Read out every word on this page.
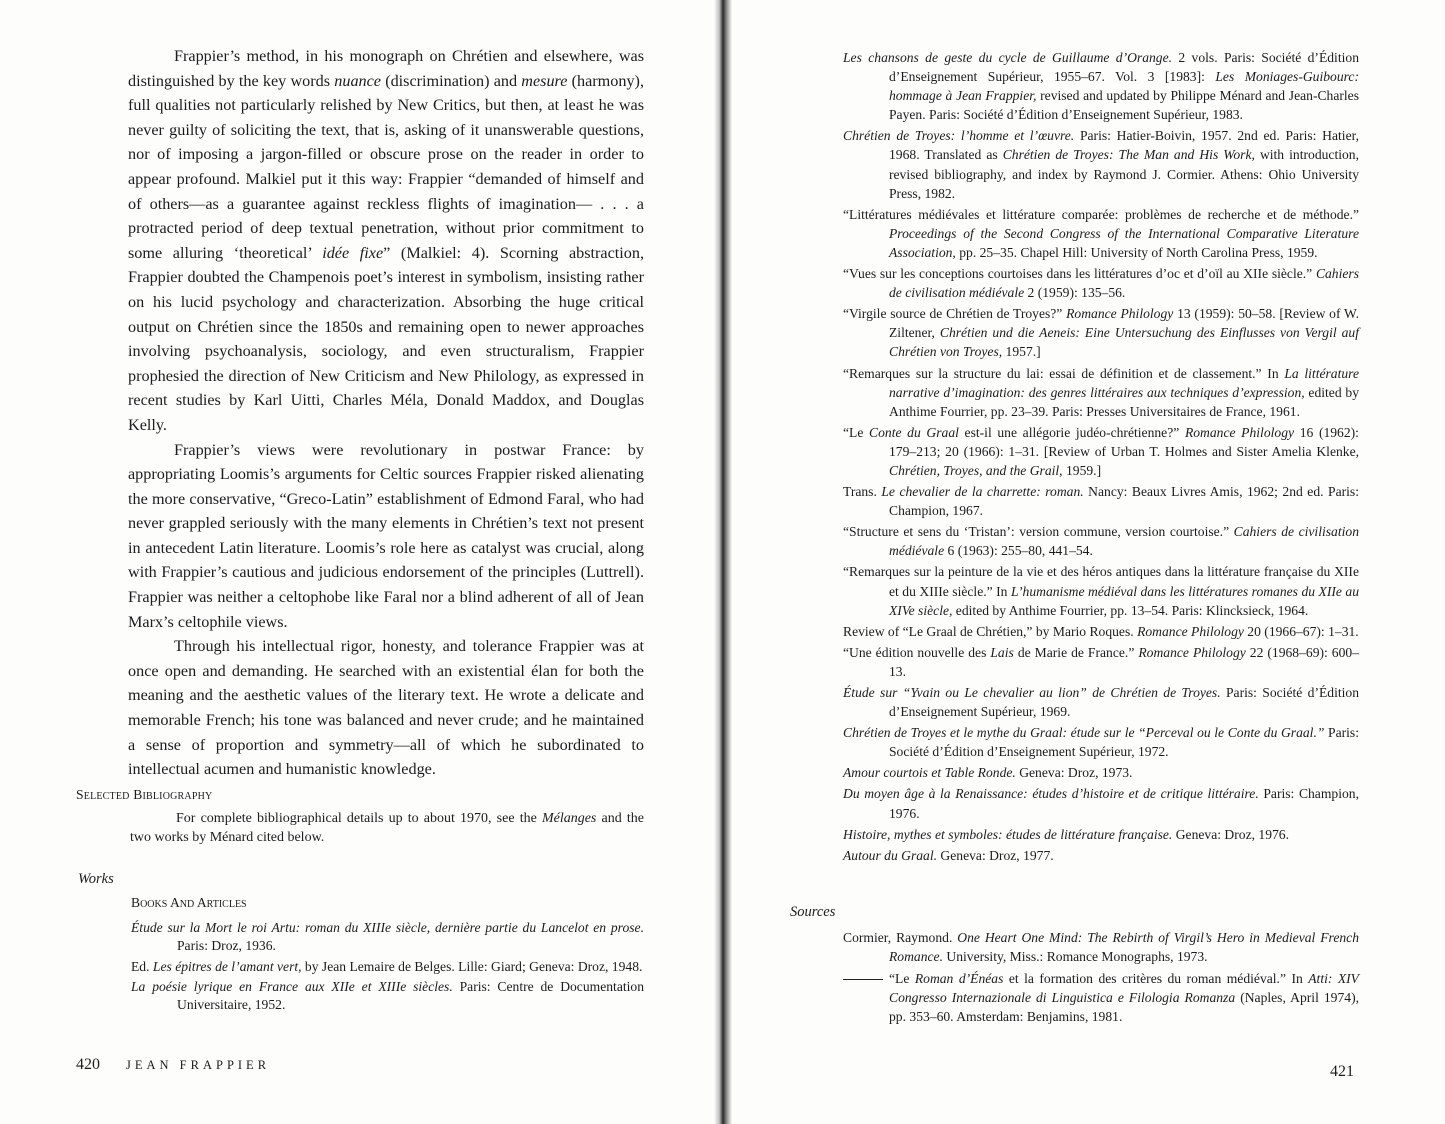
Frappier’s method, in his monograph on Chrétien and elsewhere, was distinguished by the key words nuance (discrimination) and mesure (harmony), full qualities not particularly relished by New Critics, but then, at least he was never guilty of soliciting the text, that is, asking of it unanswerable questions, nor of imposing a jargon-filled or obscure prose on the reader in order to appear profound. Malkiel put it this way: Frappier “demanded of himself and of others—as a guarantee against reckless flights of imagination— . . . a protracted period of deep textual penetration, without prior commitment to some alluring ‘theoretical’ idée fixe” (Malkiel: 4). Scorning abstraction, Frappier doubted the Champenois poet’s interest in symbolism, insisting rather on his lucid psychology and characterization. Absorbing the huge critical output on Chrétien since the 1850s and remaining open to newer approaches involving psychoanalysis, sociology, and even structuralism, Frappier prophesied the direction of New Criticism and New Philology, as expressed in recent studies by Karl Uitti, Charles Méla, Donald Maddox, and Douglas Kelly.

Frappier’s views were revolutionary in postwar France: by appropriating Loomis’s arguments for Celtic sources Frappier risked alienating the more conservative, “Greco-Latin” establishment of Edmond Faral, who had never grappled seriously with the many elements in Chrétien’s text not present in antecedent Latin literature. Loomis’s role here as catalyst was crucial, along with Frappier’s cautious and judicious endorsement of the principles (Luttrell). Frappier was neither a celtophobe like Faral nor a blind adherent of all of Jean Marx’s celtophile views.

Through his intellectual rigor, honesty, and tolerance Frappier was at once open and demanding. He searched with an existential élan for both the meaning and the aesthetic values of the literary text. He wrote a delicate and memorable French; his tone was balanced and never crude; and he maintained a sense of proportion and symmetry—all of which he subordinated to intellectual acumen and humanistic knowledge.

Selected Bibliography

For complete bibliographical details up to about 1970, see the Mélanges and the two works by Ménard cited below.

Works
Books And Articles
Étude sur la Mort le roi Artu: roman du XIIIe siècle, dernière partie du Lancelot en prose. Paris: Droz, 1936.
Ed. Les épitres de l’amant vert, by Jean Lemaire de Belges. Lille: Giard; Geneva: Droz, 1948.
La poésie lyrique en France aux XIIe et XIIIe siècles. Paris: Centre de Documentation Universitaire, 1952.
420 JEAN FRAPPIER
Les chansons de geste du cycle de Guillaume d’Orange. 2 vols. Paris: Société d’Édition d’Enseignement Supérieur, 1955–67. Vol. 3 [1983]: Les Moniages-Guibourc: hommage à Jean Frappier, revised and updated by Philippe Ménard and Jean-Charles Payen. Paris: Société d’Édition d’Enseignement Supérieur, 1983.
Chrétien de Troyes: l’homme et l’œuvre. Paris: Hatier-Boivin, 1957. 2nd ed. Paris: Hatier, 1968. Translated as Chrétien de Troyes: The Man and His Work, with introduction, revised bibliography, and index by Raymond J. Cormier. Athens: Ohio University Press, 1982.
“Littératures médiévales et littérature comparée: problèmes de recherche et de méthode.” Proceedings of the Second Congress of the International Comparative Literature Association, pp. 25–35. Chapel Hill: University of North Carolina Press, 1959.
“Vues sur les conceptions courtoises dans les littératures d’oc et d’oïl au XIIe siècle.” Cahiers de civilisation médiévale 2 (1959): 135–56.
“Virgile source de Chrétien de Troyes?” Romance Philology 13 (1959): 50–58. [Review of W. Ziltener, Chrétien und die Aeneis: Eine Untersuchung des Einflusses von Vergil auf Chrétien von Troyes, 1957.]
“Remarques sur la structure du lai: essai de définition et de classement.” In La littérature narrative d’imagination: des genres littéraires aux techniques d’expression, edited by Anthime Fourrier, pp. 23–39. Paris: Presses Universitaires de France, 1961.
“Le Conte du Graal est-il une allégorie judéo-chrétienne?” Romance Philology 16 (1962): 179–213; 20 (1966): 1–31. [Review of Urban T. Holmes and Sister Amelia Klenke, Chrétien, Troyes, and the Grail, 1959.]
Trans. Le chevalier de la charrette: roman. Nancy: Beaux Livres Amis, 1962; 2nd ed. Paris: Champion, 1967.
“Structure et sens du ‘Tristan’: version commune, version courtoise.” Cahiers de civilisation médiévale 6 (1963): 255–80, 441–54.
“Remarques sur la peinture de la vie et des héros antiques dans la littérature française du XIIe et du XIIIe siècle.” In L’humanisme médiéval dans les littératures romanes du XIIe au XIVe siècle, edited by Anthime Fourrier, pp. 13–54. Paris: Klincksieck, 1964.
Review of “Le Graal de Chrétien,” by Mario Roques. Romance Philology 20 (1966–67): 1–31.
“Une édition nouvelle des Lais de Marie de France.” Romance Philology 22 (1968–69): 600–13.
Étude sur “Yvain ou Le chevalier au lion” de Chrétien de Troyes. Paris: Société d’Édition d’Enseignement Supérieur, 1969.
Chrétien de Troyes et le mythe du Graal: étude sur le “Perceval ou le Conte du Graal.” Paris: Société d’Édition d’Enseignement Supérieur, 1972.
Amour courtois et Table Ronde. Geneva: Droz, 1973.
Du moyen âge à la Renaissance: études d’histoire et de critique littéraire. Paris: Champion, 1976.
Histoire, mythes et symboles: études de littérature française. Geneva: Droz, 1976.
Autour du Graal. Geneva: Droz, 1977.
Sources
Cormier, Raymond. One Heart One Mind: The Rebirth of Virgil’s Hero in Medieval French Romance. University, Miss.: Romance Monographs, 1973.
“Le Roman d’Énéas et la formation des critères du roman médiéval.” In Atti: XIV Congresso Internazionale di Linguistica e Filologia Romanza (Naples, April 1974), pp. 353–60. Amsterdam: Benjamins, 1981.
421
